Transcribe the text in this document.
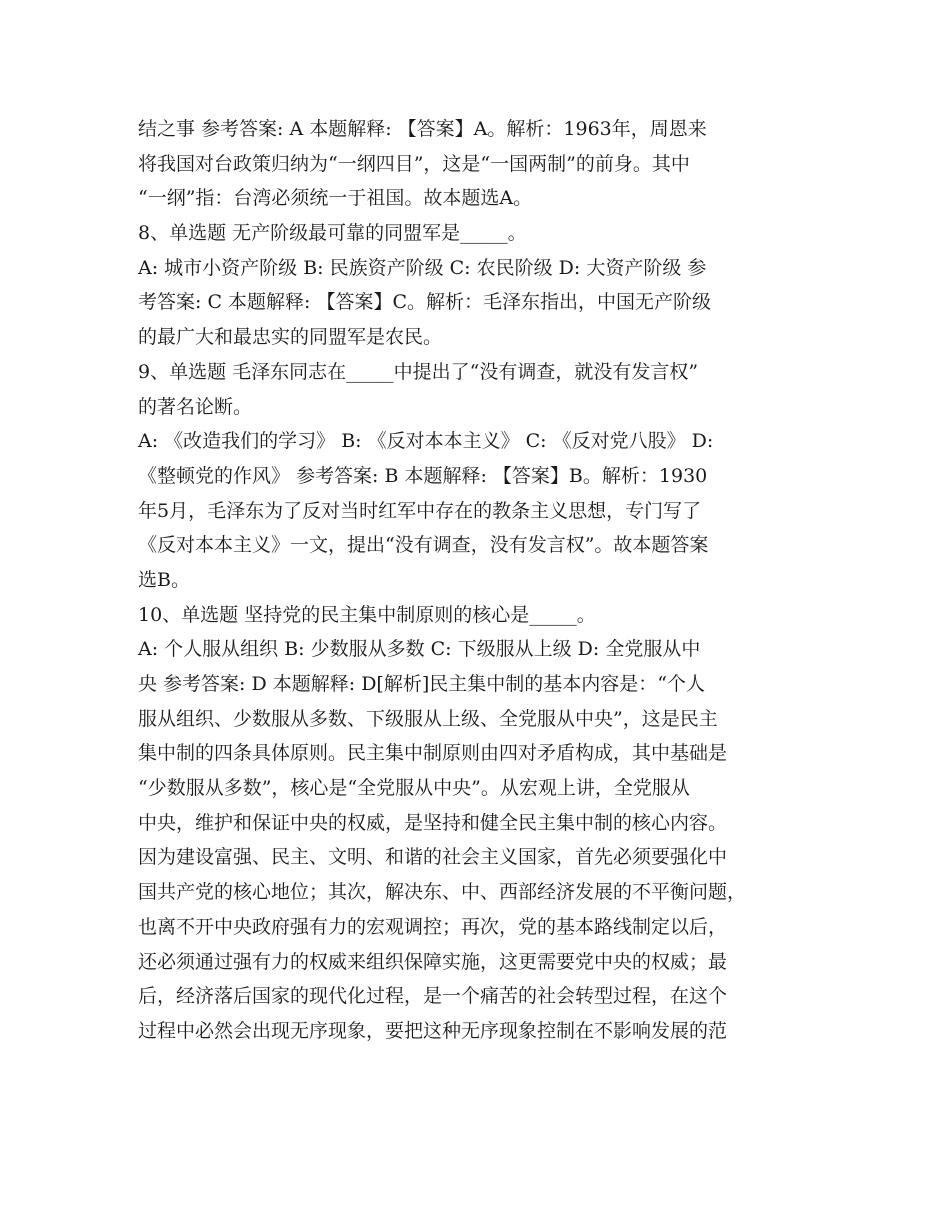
结之事 参考答案: A 本题解释: 【答案】A。解析：1963年，周恩来
将我国对台政策归纳为“一纲四目”，这是“一国两制”的前身。其中
“一纲”指：台湾必须统一于祖国。故本题选A。
8、单选题 无产阶级最可靠的同盟军是_____。
A: 城市小资产阶级 B: 民族资产阶级 C: 农民阶级 D: 大资产阶级 参
考答案: C 本题解释: 【答案】C。解析：毛泽东指出，中国无产阶级
的最广大和最忠实的同盟军是农民。
9、单选题 毛泽东同志在_____中提出了“没有调查，就没有发言权”
的著名论断。
A: 《改造我们的学习》 B: 《反对本本主义》 C: 《反对党八股》 D:
《整顿党的作风》 参考答案: B 本题解释: 【答案】B。解析：1930
年5月，毛泽东为了反对当时红军中存在的教条主义思想，专门写了
《反对本本主义》一文，提出“没有调查，没有发言权”。故本题答案
选B。
10、单选题 坚持党的民主集中制原则的核心是_____。
A: 个人服从组织 B: 少数服从多数 C: 下级服从上级 D: 全党服从中
央 参考答案: D 本题解释: D[解析]民主集中制的基本内容是：“个人
服从组织、少数服从多数、下级服从上级、全党服从中央”，这是民主
集中制的四条具体原则。民主集中制原则由四对矛盾构成，其中基础是
“少数服从多数”，核心是“全党服从中央”。从宏观上讲，全党服从
中央，维护和保证中央的权威，是坚持和健全民主集中制的核心内容。
因为建设富强、民主、文明、和谐的社会主义国家，首先必须要强化中
国共产党的核心地位；其次，解决东、中、西部经济发展的不平衡问题，
也离不开中央政府强有力的宏观调控；再次，党的基本路线制定以后，
还必须通过强有力的权威来组织保障实施，这更需要党中央的权威；最
后，经济落后国家的现代化过程，是一个痛苦的社会转型过程，在这个
过程中必然会出现无序现象，要把这种无序现象控制在不影响发展的范
